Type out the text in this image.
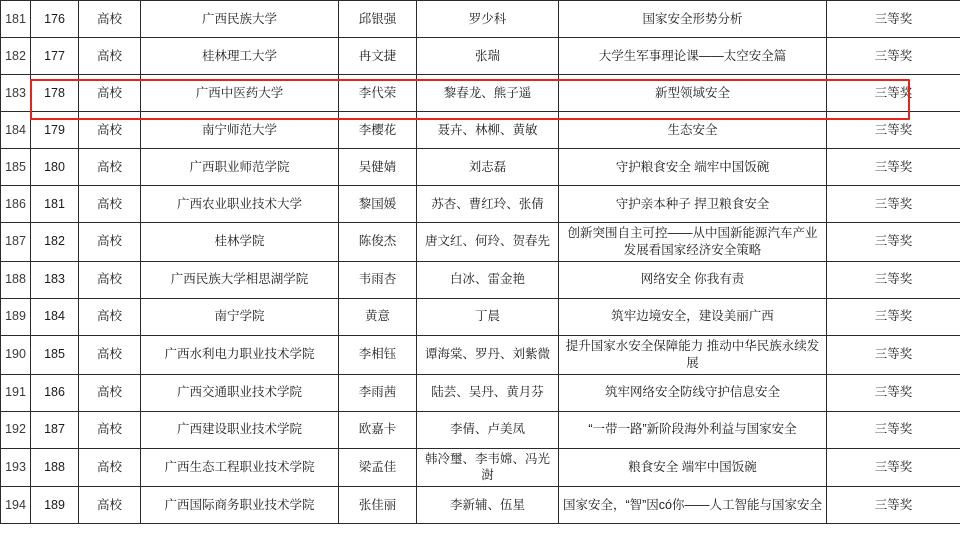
181	176	高校	广西民族大学	邱银强	罗少科	国家安全形势分析	三等奖
182	177	高校	桂林理工大学	冉文捷	张瑞	大学生军事理论课——太空安全篇	三等奖
183	178	高校	广西中医药大学	李代荣	黎春龙、熊子遥	新型领域安全	三等奖
184	179	高校	南宁师范大学	李樱花	聂卉、林柳、黄敏	生态安全	三等奖
185	180	高校	广西职业师范学院	吴健婧	刘志磊	守护粮食安全 端牢中国饭碗	三等奖
186	181	高校	广西农业职业技术大学	黎国媛	苏杏、曹红玲、张倩	守护亲本种子 捍卫粮食安全	三等奖
187	182	高校	桂林学院	陈俊杰	唐文红、何玲、贺春先	创新突围自主可控——从中国新能源汽车产业发展看国家经济安全策略	三等奖
188	183	高校	广西民族大学相思湖学院	韦雨杏	白冰、雷金艳	网络安全 你我有责	三等奖
189	184	高校	南宁学院	黄意	丁晨	筑牢边境安全，建设美丽广西	三等奖
190	185	高校	广西水利电力职业技术学院	李相钰	谭海棠、罗丹、刘紫微	提升国家水安全保障能力 推动中华民族永续发展	三等奖
191	186	高校	广西交通职业技术学院	李雨茜	陆芸、吴丹、黄月芬	筑牢网络安全防线守护信息安全	三等奖
192	187	高校	广西建设职业技术学院	欧嘉卡	李倩、卢美凤	“一带一路”新阶段海外利益与国家安全	三等奖
193	188	高校	广西生态工程职业技术学院	梁孟佳	韩冷璽、李韦嫦、冯光澍	粮食安全 端牢中国饭碗	三等奖
194	189	高校	广西国际商务职业技术学院	张佳丽	李新辅、伍星	国家安全，“智”因có你——人工智能与国家安全	三等奖
